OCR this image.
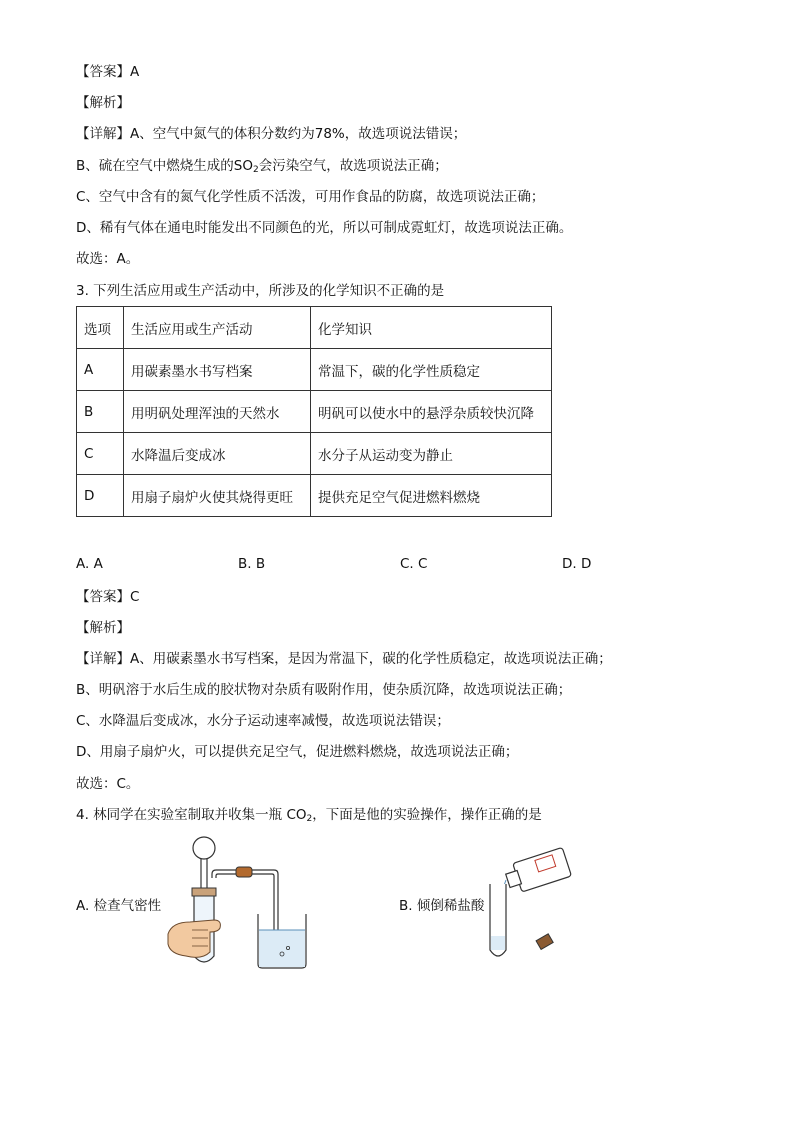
【答案】A
【解析】
【详解】A、空气中氮气的体积分数约为78%，故选项说法错误；
B、硫在空气中燃烧生成的$SO_2$会污染空气，故选项说法正确；
C、空气中含有的氮气化学性质不活泼，可用作食品的防腐，故选项说法正确；
D、稀有气体在通电时能发出不同颜色的光，所以可制成霓虹灯，故选项说法正确。
故选：A。
3. 下列生活应用或生产活动中，所涉及的化学知识不正确的是
选项	生活应用或生产活动	化学知识
A	用碳素墨水书写档案	常温下，碳的化学性质稳定
B	用明矾处理浑浊的天然水	明矾可以使水中的悬浮杂质较快沉降
C	水降温后变成冰	水分子从运动变为静止
D	用扇子扇炉火使其烧得更旺	提供充足空气促进燃料燃烧
A. A	B. B	C. C	D. D
【答案】C
【解析】
【详解】A、用碳素墨水书写档案，是因为常温下，碳的化学性质稳定，故选项说法正确；
B、明矾溶于水后生成的胶状物对杂质有吸附作用，使杂质沉降，故选项说法正确；
C、水降温后变成冰，水分子运动速率减慢，故选项说法错误；
D、用扇子扇炉火，可以提供充足空气，促进燃料燃烧，故选项说法正确；
故选：C。
4. 林同学在实验室制取并收集一瓶 $CO_2$，下面是他的实验操作，操作正确的是
A. 检查气密性	B. 倾倒稀盐酸
